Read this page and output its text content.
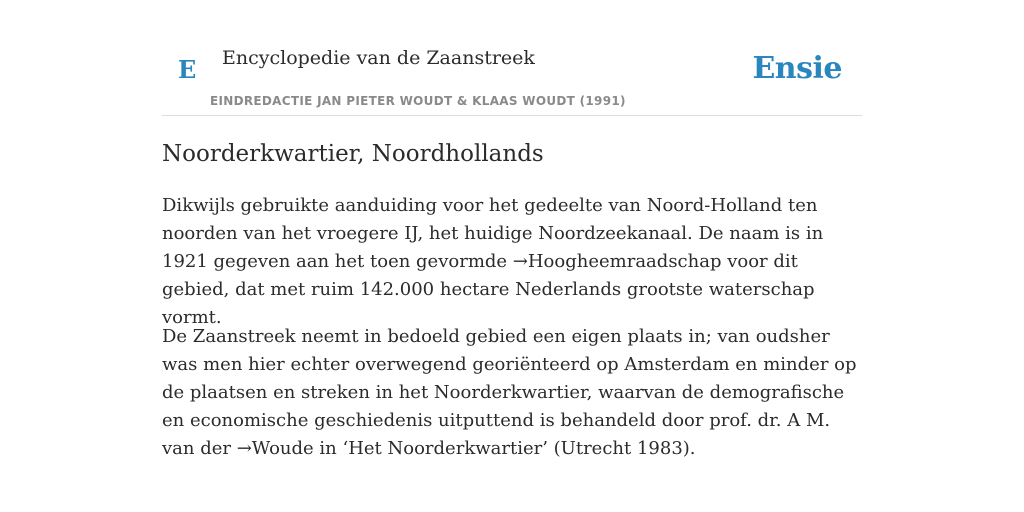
E Encyclopedie van de Zaanstreek	Ensie
EINDREDACTIE JAN PIETER WOUDT & KLAAS WOUDT (1991)
Noorderkwartier, Noordhollands

Dikwijls gebruikte aanduiding voor het gedeelte van Noord-Holland ten noorden van het vroegere IJ, het huidige Noordzeekanaal. De naam is in 1921 gegeven aan het toen gevormde →Hoogheemraadschap voor dit gebied, dat met ruim 142.000 hectare Nederlands grootste waterschap vormt.

De Zaanstreek neemt in bedoeld gebied een eigen plaats in; van oudsher was men hier echter overwegend georiënteerd op Amsterdam en minder op de plaatsen en streken in het Noorderkwartier, waarvan de demografische en economische geschiedenis uitputtend is behandeld door prof. dr. A M. van der →Woude in ‘Het Noorderkwartier’ (Utrecht 1983).
